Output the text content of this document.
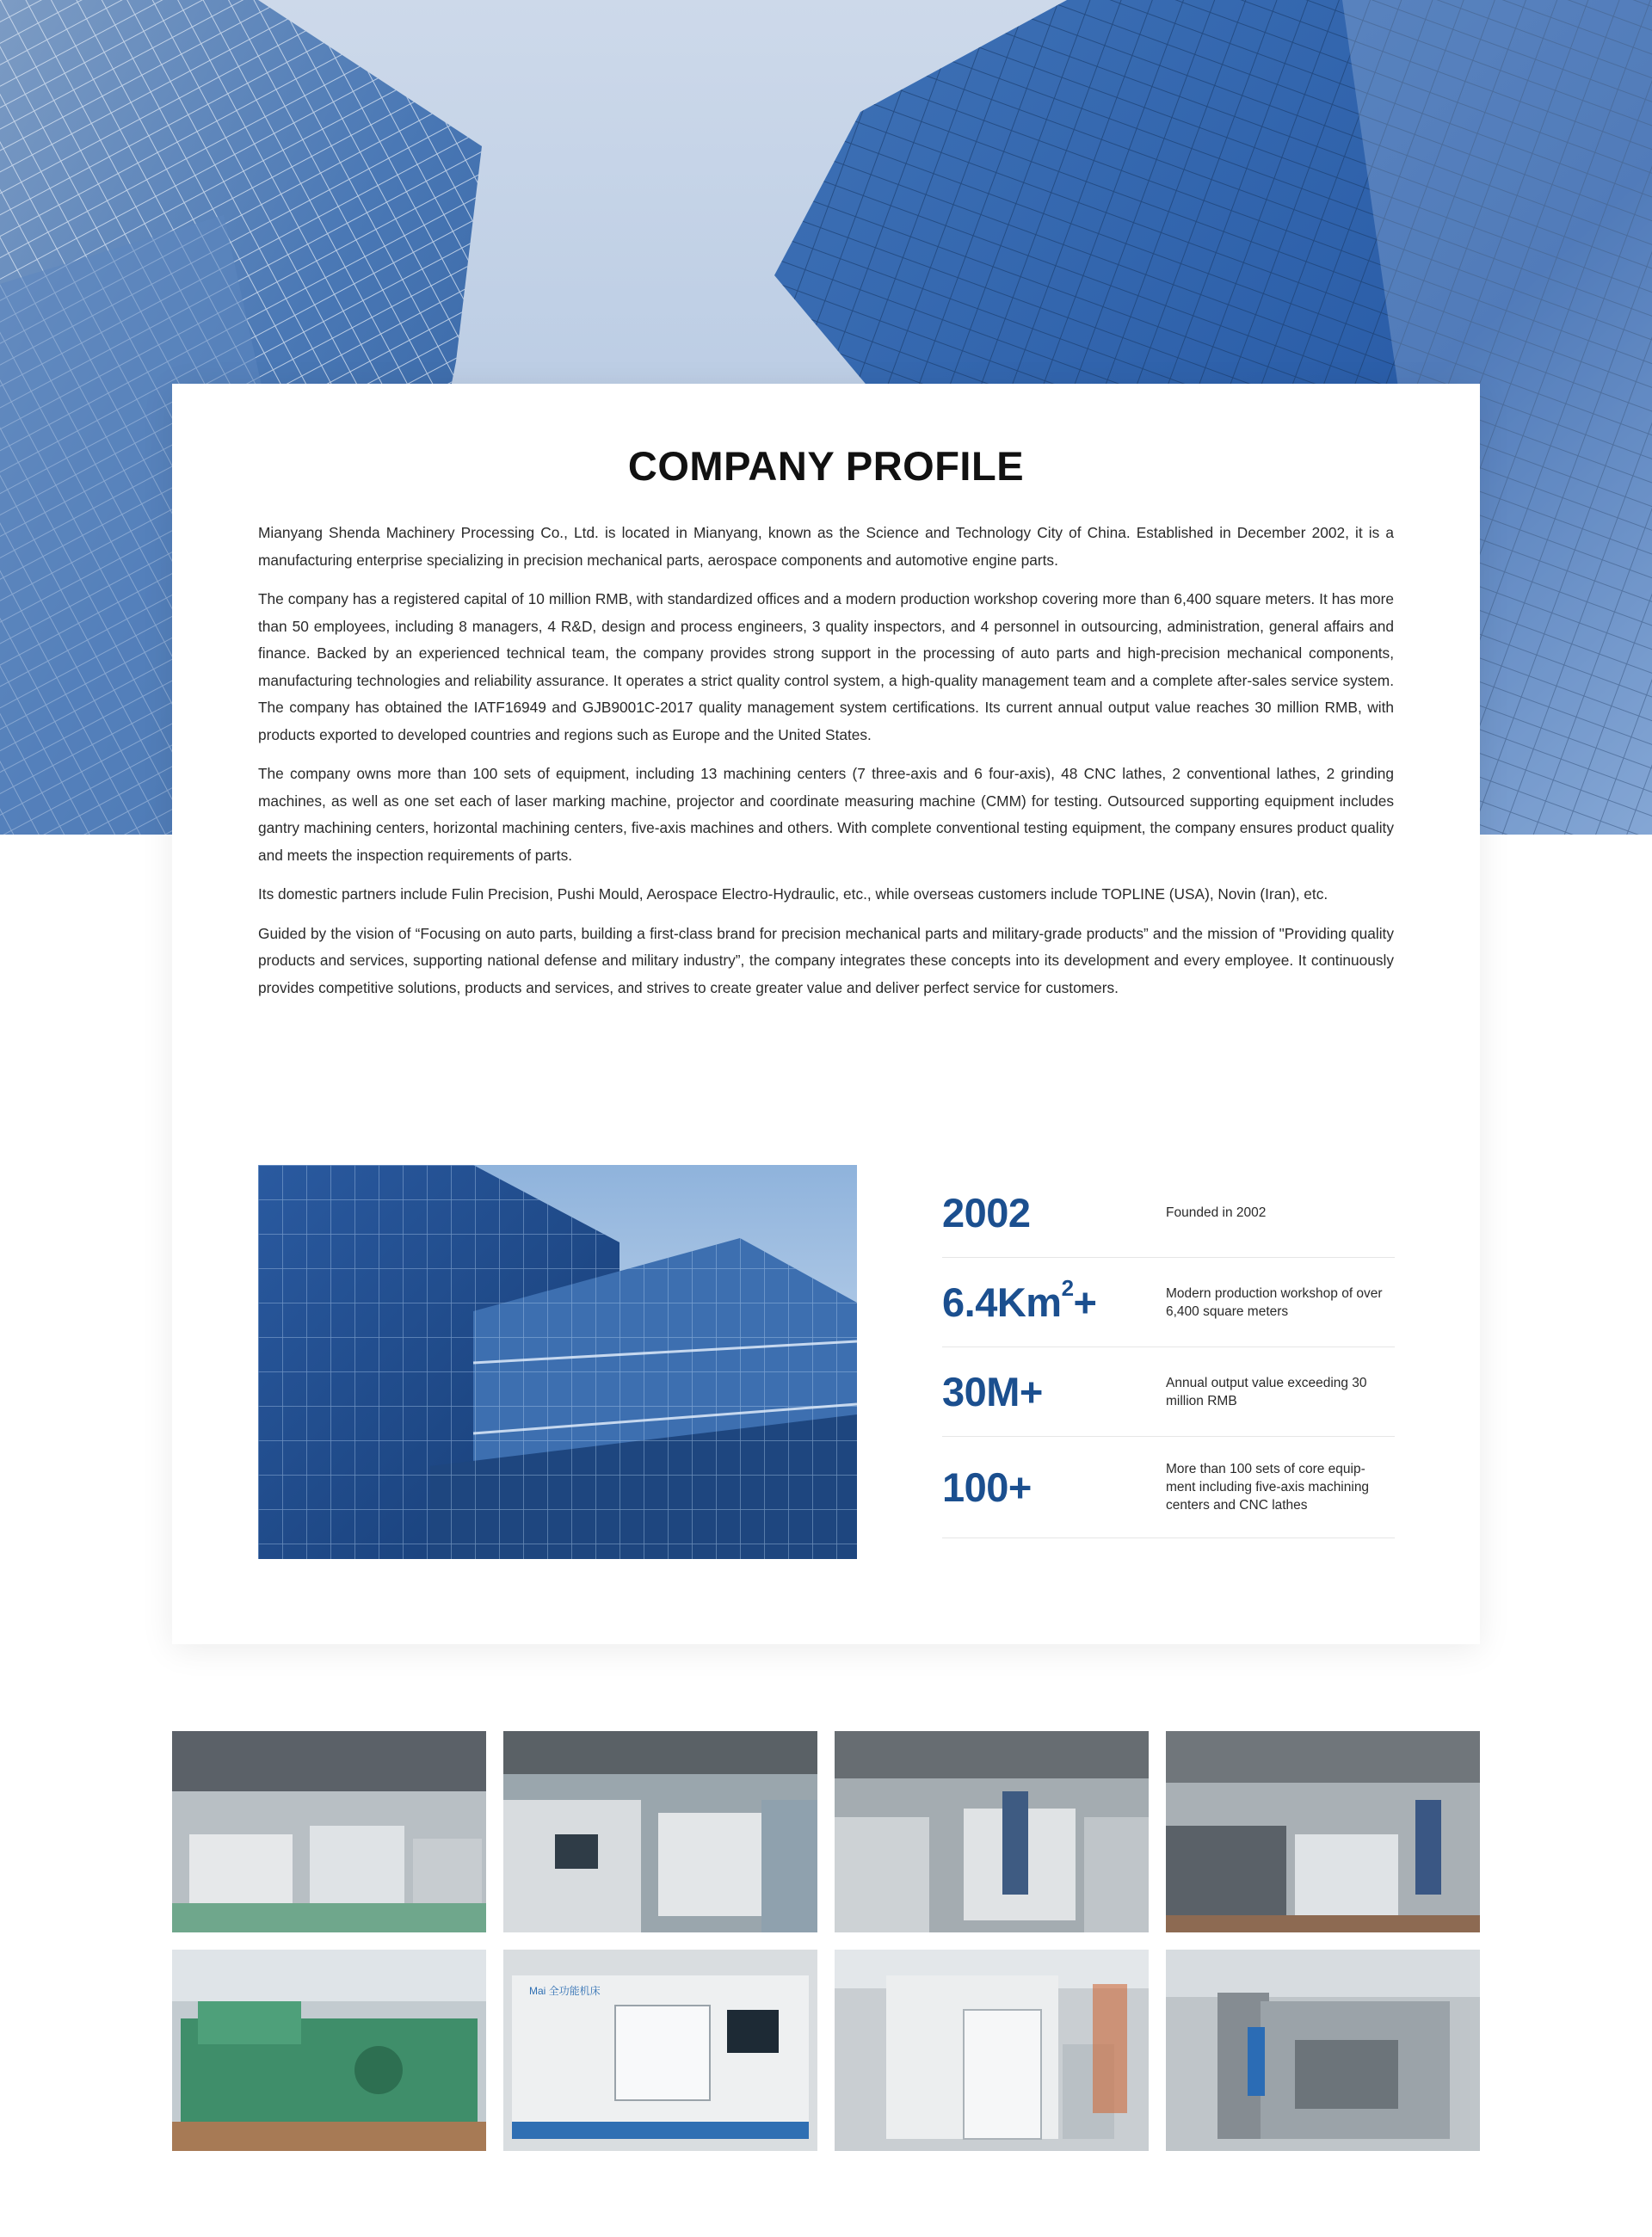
COMPANY PROFILE

Mianyang Shenda Machinery Processing Co., Ltd. is located in Mianyang, known as the Science and Technology City of China. Established in December 2002, it is a manufacturing enterprise specializing in precision mechanical parts, aerospace components and automotive engine parts.

The company has a registered capital of 10 million RMB, with standardized offices and a modern production workshop covering more than 6,400 square meters. It has more than 50 employees, including 8 managers, 4 R&D, design and process engineers, 3 quality inspectors, and 4 personnel in outsourcing, administration, general affairs and finance. Backed by an experienced technical team, the company provides strong support in the processing of auto parts and high-precision mechanical components, manufacturing technologies and reliability assurance. It operates a strict quality control system, a high-quality management team and a complete after-sales service system. The company has obtained the IATF16949 and GJB9001C-2017 quality management system certifications. Its current annual output value reaches 30 million RMB, with products exported to developed countries and regions such as Europe and the United States.

The company owns more than 100 sets of equipment, including 13 machining centers (7 three-axis and 6 four-axis), 48 CNC lathes, 2 conventional lathes, 2 grinding machines, as well as one set each of laser marking machine, projector and coordinate measuring machine (CMM) for testing. Outsourced supporting equipment includes gantry machining centers, horizontal machining centers, five-axis machines and others. With complete conventional testing equipment, the company ensures product quality and meets the inspection requirements of parts.

Its domestic partners include Fulin Precision, Pushi Mould, Aerospace Electro-Hydraulic, etc., while overseas customers include TOPLINE (USA), Novin (Iran), etc.

Guided by the vision of “Focusing on auto parts, building a first-class brand for precision mechanical parts and military-grade products” and the mission of "Providing quality products and services, supporting national defense and military industry”, the company integrates these concepts into its development and every employee. It continuously provides competitive solutions, products and services, and strives to create greater value and deliver perfect service for customers.

2002	Founded in 2002
$6.4Km^2+$	Modern production workshop of over 6,400 square meters
30M+	Annual output value exceeding 30 million RMB
100+	More than 100 sets of core equip-ment including five-axis machining centers and CNC lathes
Mai 全功能机床
